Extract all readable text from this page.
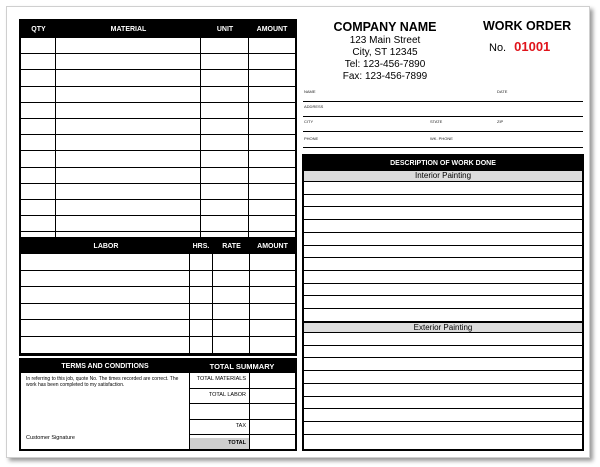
QTY	MATERIAL	UNIT	AMOUNT
LABOR	HRS.	RATE	AMOUNT
TERMS AND CONDITIONS	TOTAL SUMMARY
In referring to this job, quote No. The times recorded are correct. The work has been completed to my satisfaction.
Customer Signature
TOTAL MATERIALS
TOTAL LABOR
TAX
TOTAL
COMPANY NAME
123 Main Street
City, ST 12345
Tel: 123-456-7890
Fax: 123-456-7899
WORK ORDER
No. 01001
NAME	DATE
ADDRESS
CITY	STATE	ZIP
PHONE	WK. PHONE
DESCRIPTION OF WORK DONE
Interior Painting
Exterior Painting
